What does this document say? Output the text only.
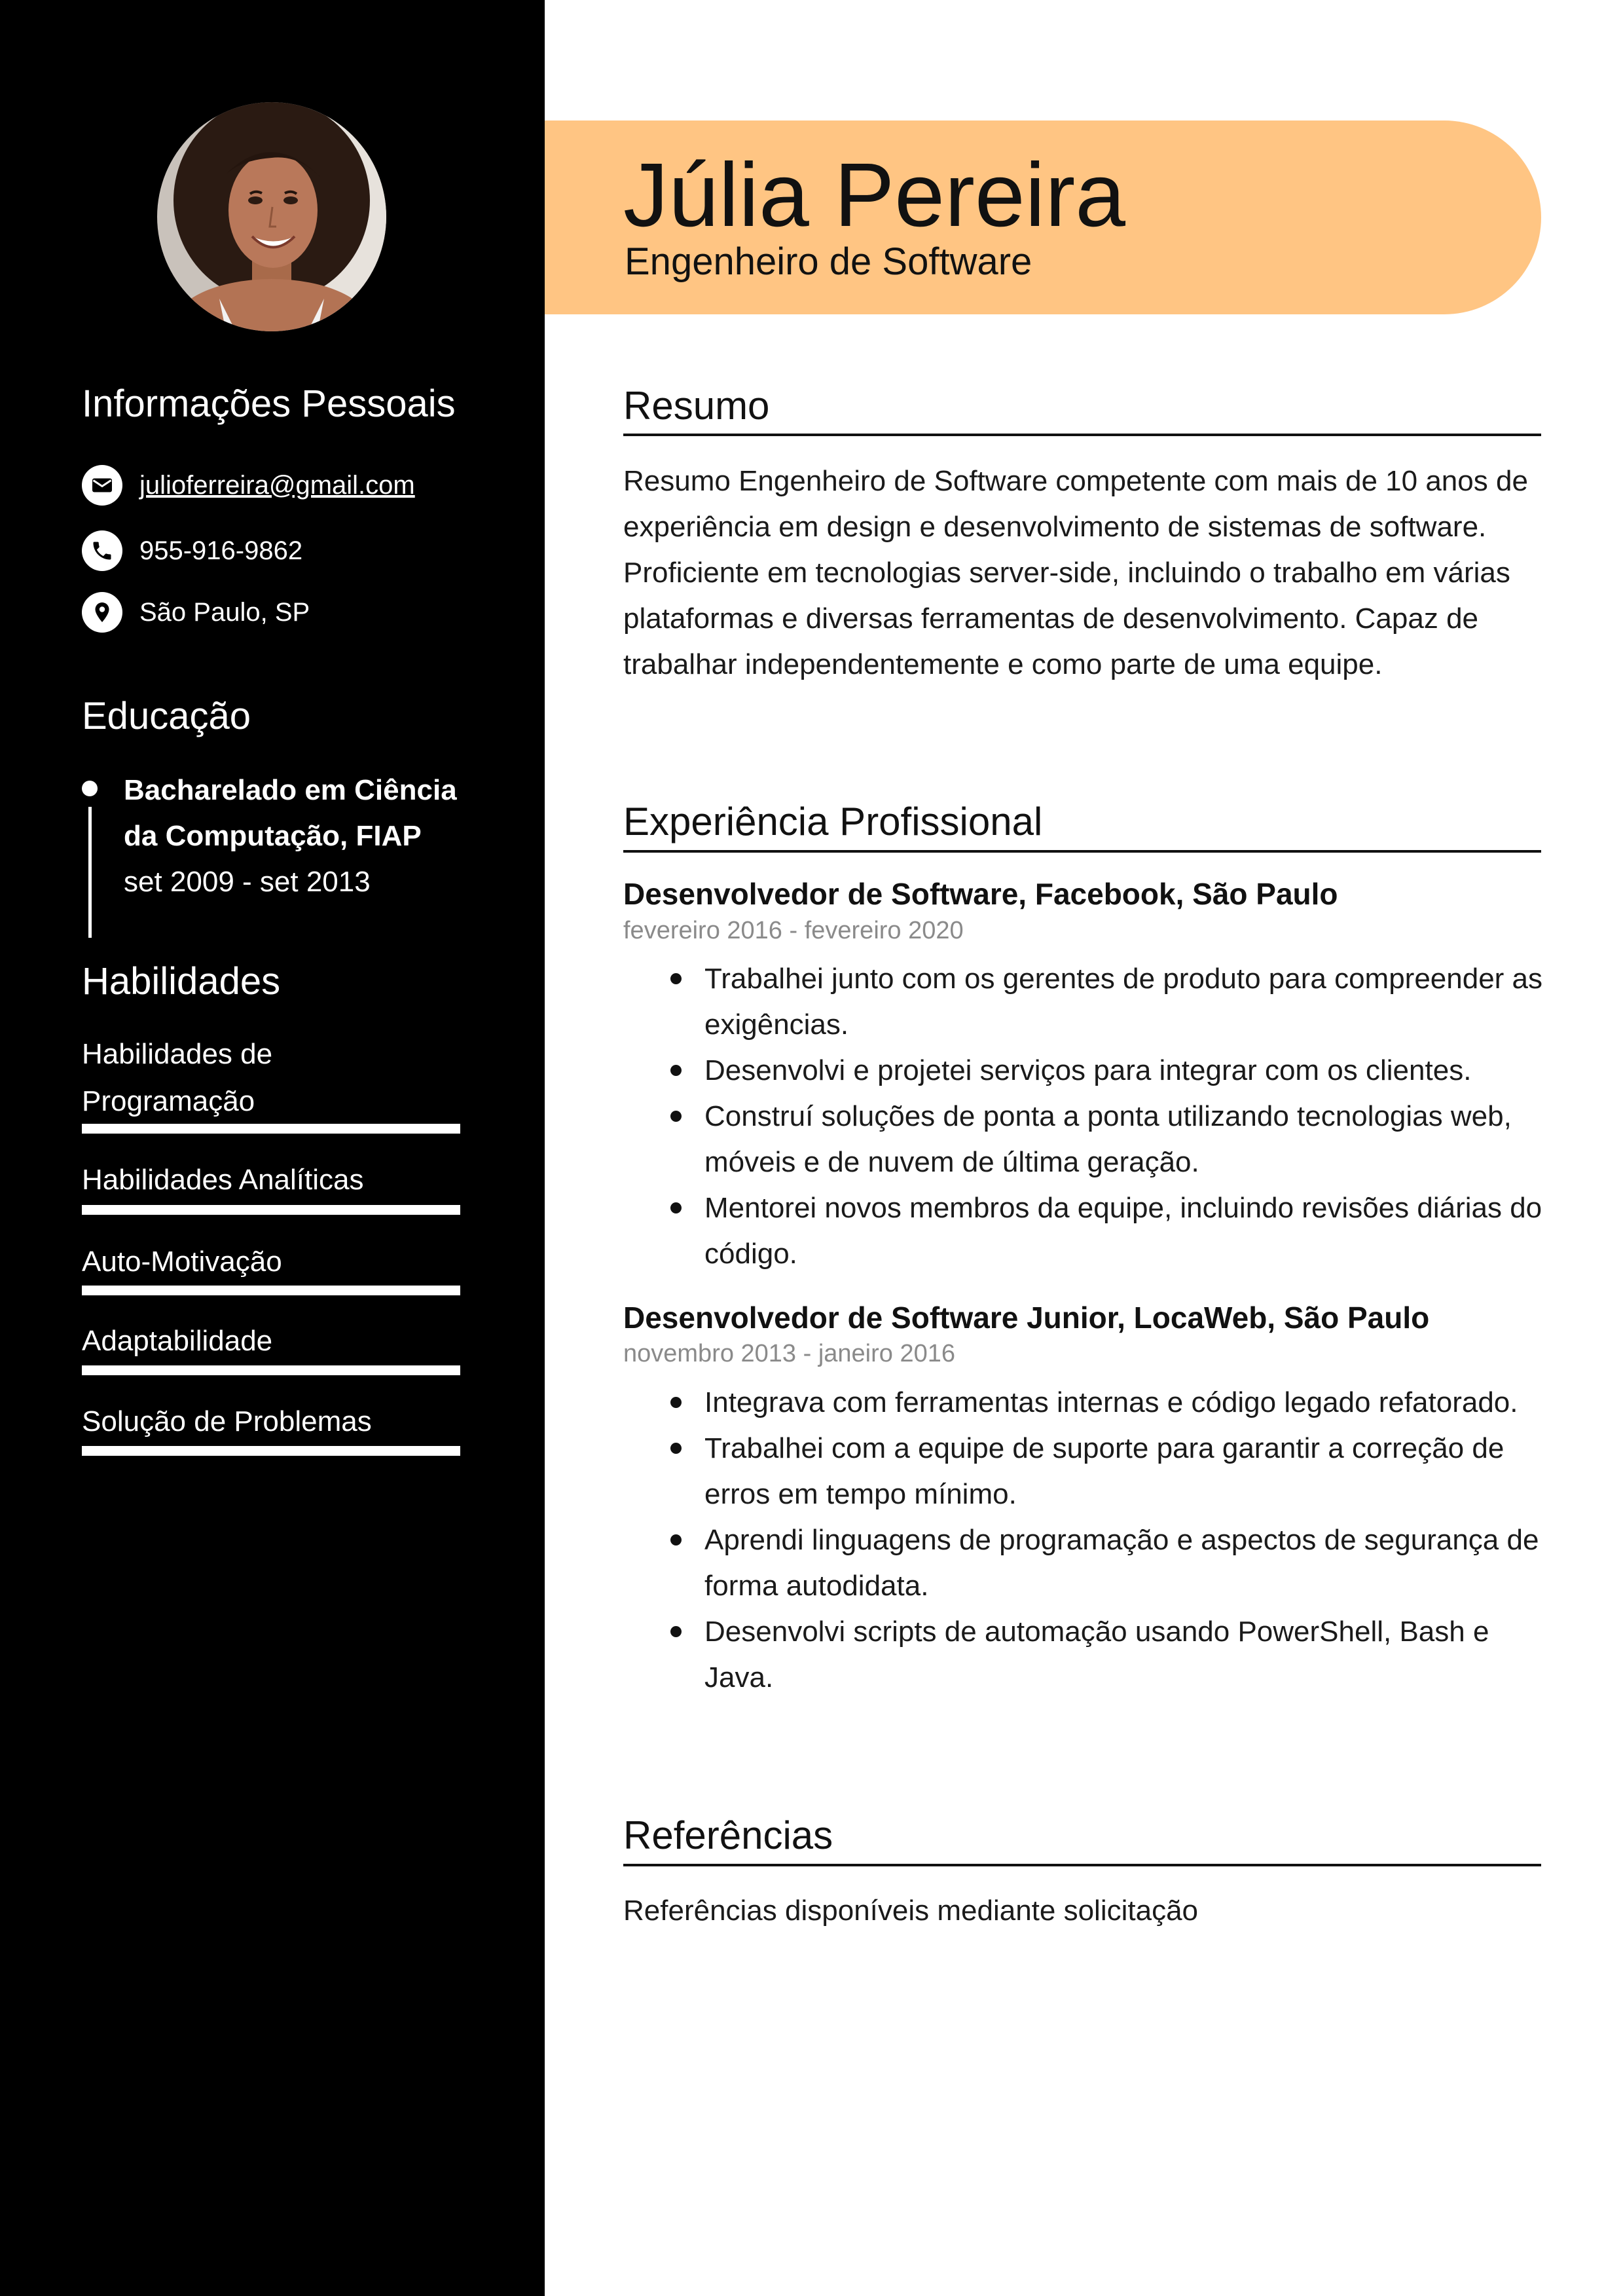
Informações Pessoais
julioferreira@gmail.com
955-916-9862
São Paulo, SP
Educação
Bacharelado em Ciência da Computação, FIAP
set 2009 - set 2013
Habilidades
Habilidades de Programação
Habilidades Analíticas
Auto-Motivação
Adaptabilidade
Solução de Problemas
Júlia Pereira
Engenheiro de Software
Resumo

Resumo Engenheiro de Software competente com mais de 10 anos de experiência em design e desenvolvimento de sistemas de software. Proficiente em tecnologias server-side, incluindo o trabalho em várias plataformas e diversas ferramentas de desenvolvimento. Capaz de trabalhar independentemente e como parte de uma equipe.

Experiência Profissional
Desenvolvedor de Software, Facebook, São Paulo
fevereiro 2016 - fevereiro 2020
Trabalhei junto com os gerentes de produto para compreender as exigências.
Desenvolvi e projetei serviços para integrar com os clientes.
Construí soluções de ponta a ponta utilizando tecnologias web, móveis e de nuvem de última geração.
Mentorei novos membros da equipe, incluindo revisões diárias do código.
Desenvolvedor de Software Junior, LocaWeb, São Paulo
novembro 2013 - janeiro 2016
Integrava com ferramentas internas e código legado refatorado.
Trabalhei com a equipe de suporte para garantir a correção de erros em tempo mínimo.
Aprendi linguagens de programação e aspectos de segurança de forma autodidata.
Desenvolvi scripts de automação usando PowerShell, Bash e Java.
Referências
Referências disponíveis mediante solicitação
